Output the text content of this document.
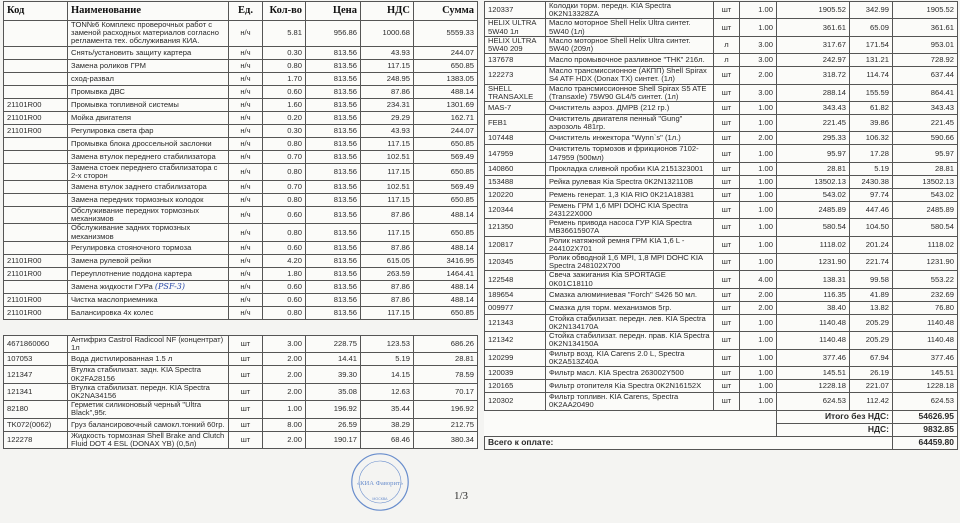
Код	Наименование	Ед.	Кол-во	Цена	НДС	Сумма
	TON№6 Комплекс проверочных работ с заменой расходных материалов согласно регламента тех. обслуживания КИА.	н/ч	5.81	956.86	1000.68	5559.33
	Снять/установить защиту картера	н/ч	0.30	813.56	43.93	244.07
	Замена роликов ГРМ	н/ч	0.80	813.56	117.15	650.85
	сход-развал	н/ч	1.70	813.56	248.95	1383.05
	Промывка ДВС	н/ч	0.60	813.56	87.86	488.14
21101R00	Промывка топливной системы	н/ч	1.60	813.56	234.31	1301.69
21101R00	Мойка двигателя	н/ч	0.20	813.56	29.29	162.71
21101R00	Регулировка света фар	н/ч	0.30	813.56	43.93	244.07
	Промывка блока дроссельной заслонки	н/ч	0.80	813.56	117.15	650.85
	Замена втулок переднего стабилизатора	н/ч	0.70	813.56	102.51	569.49
	Замена стоек переднего стабилизатора с 2-х сторон	н/ч	0.80	813.56	117.15	650.85
	Замена втулок заднего стабилизатора	н/ч	0.70	813.56	102.51	569.49
	Замена передних тормозных колодок	н/ч	0.80	813.56	117.15	650.85
	Обслуживание передних тормозных механизмов	н/ч	0.60	813.56	87.86	488.14
	Обслуживание задних тормозных механизмов	н/ч	0.80	813.56	117.15	650.85
	Регулировка стояночного тормоза	н/ч	0.60	813.56	87.86	488.14
21101R00	Замена рулевой рейки	н/ч	4.20	813.56	615.05	3416.95
21101R00	Переуплотнение поддона картера	н/ч	1.80	813.56	263.59	1464.41
	Замена жидкости ГУРа (PSF-3)	н/ч	0.60	813.56	87.86	488.14
21101R00	Чистка маслоприемника	н/ч	0.60	813.56	87.86	488.14
21101R00	Балансировка 4х колес	н/ч	0.80	813.56	117.15	650.85
4671860060	Антифриз Castrol Radicool NF (концентрат) 1л	шт	3.00	228.75	123.53	686.26
107053	Вода дистилированная 1.5 л	шт	2.00	14.41	5.19	28.81
121347	Втулка стабилизат. задн. KIA Spectra 0K2FA28156	шт	2.00	39.30	14.15	78.59
121341	Втулка стабилизат. передн. KIA Spectra 0K2NA34156	шт	2.00	35.08	12.63	70.17
82180	Герметик силиконовый черный "Ultra Black",95г.	шт	1.00	196.92	35.44	196.92
TK072(0062)	Груз балансировочный самокл.тонкий 60гр.	шт	8.00	26.59	38.29	212.75
122278	Жидкость тормозная Shell Brake and Clutch Fluid DOT 4 ESL (DONAX YB) (0,5л)	шт	2.00	190.17	68.46	380.34
120337	Колодки торм. передн. KIA Spectra 0K2N13328ZA	шт	1.00	1905.52	342.99	1905.52
HELIX ULTRA 5W40 1л	Масло моторное Shell Helix Ultra синтет. 5W40 (1л)	шт	1.00	361.61	65.09	361.61
HELIX ULTRA 5W40 209	Масло моторное Shell Helix Ultra синтет. 5W40 (209л)	л	3.00	317.67	171.54	953.01
137678	Масло промывочное разливное "ТНК" 216л.	л	3.00	242.97	131.21	728.92
122273	Масло трансмиссионное (АКПП) Shell Spirax S4 ATF HDX (Donax TX) синтет. (1л)	шт	2.00	318.72	114.74	637.44
SHELL TRANSAXLE	Масло трансмиссионное Shell Spirax S5 ATE (Transaxle) 75W90 GL4/5 синтет. (1л)	шт	3.00	288.14	155.59	864.41
MAS-7	Очиститель аэроз. ДМРВ (212 гр.)	шт	1.00	343.43	61.82	343.43
FEB1	Очиститель двигателя пенный "Gung" аэрозоль 481гр.	шт	1.00	221.45	39.86	221.45
107448	Очиститель инжектора "Wynn`s" (1л.)	шт	2.00	295.33	106.32	590.66
147959	Очиститель тормозов и фрикционов 7102-147959 (500мл)	шт	1.00	95.97	17.28	95.97
140860	Прокладка сливной пробки KIA 2151323001	шт	1.00	28.81	5.19	28.81
153488	Рейка рулевая Kia Spectra 0K2N132110B	шт	1.00	13502.13	2430.38	13502.13
120220	Ремень генерат. 1,3 KIA RIO 0K21A18381	шт	1.00	543.02	97.74	543.02
120344	Ремень ГРМ 1,6 MPI DOHC KIA Spectra 243122X000	шт	1.00	2485.89	447.46	2485.89
121350	Ремень привода насоса ГУР KIA Spectra MB36615907A	шт	1.00	580.54	104.50	580.54
120817	Ролик натяжной ремня ГРМ KIA 1,6 L - 244102X701	шт	1.00	1118.02	201.24	1118.02
120345	Ролик обводной 1,6 MPI, 1,8 MPI DOHC KIA Spectra 248102X700	шт	1.00	1231.90	221.74	1231.90
122548	Свеча зажигания Kia SPORTAGE 0K01C18110	шт	4.00	138.31	99.58	553.22
189654	Смазка алюминиевая "Forch" S426 50 мл.	шт	2.00	116.35	41.89	232.69
009977	Смазка для торм. механизмов 5гр.	шт	2.00	38.40	13.82	76.80
121343	Стойка стабилизат. передн. лев. KIA Spectra 0K2N134170A	шт	1.00	1140.48	205.29	1140.48
121342	Стойка стабилизат. передн. прав. KIA Spectra 0K2N134150A	шт	1.00	1140.48	205.29	1140.48
120299	Фильтр возд. KIA Carens 2.0 L, Spectra 0K2A513Z40A	шт	1.00	377.46	67.94	377.46
120039	Фильтр масл. KIA Spectra 263002Y500	шт	1.00	145.51	26.19	145.51
120165	Фильтр отопителя Kia Spectra 0K2N16152X	шт	1.00	1228.18	221.07	1228.18
120302	Фильтр топливн. KIA Carens, Spectra 0K2AA20490	шт	1.00	624.53	112.42	624.53
				Итого без НДС:		54626.95
				НДС:		9832.85
Всего к оплате:						64459.80
1/3
«КИА Фаворит»
МОСКВА
